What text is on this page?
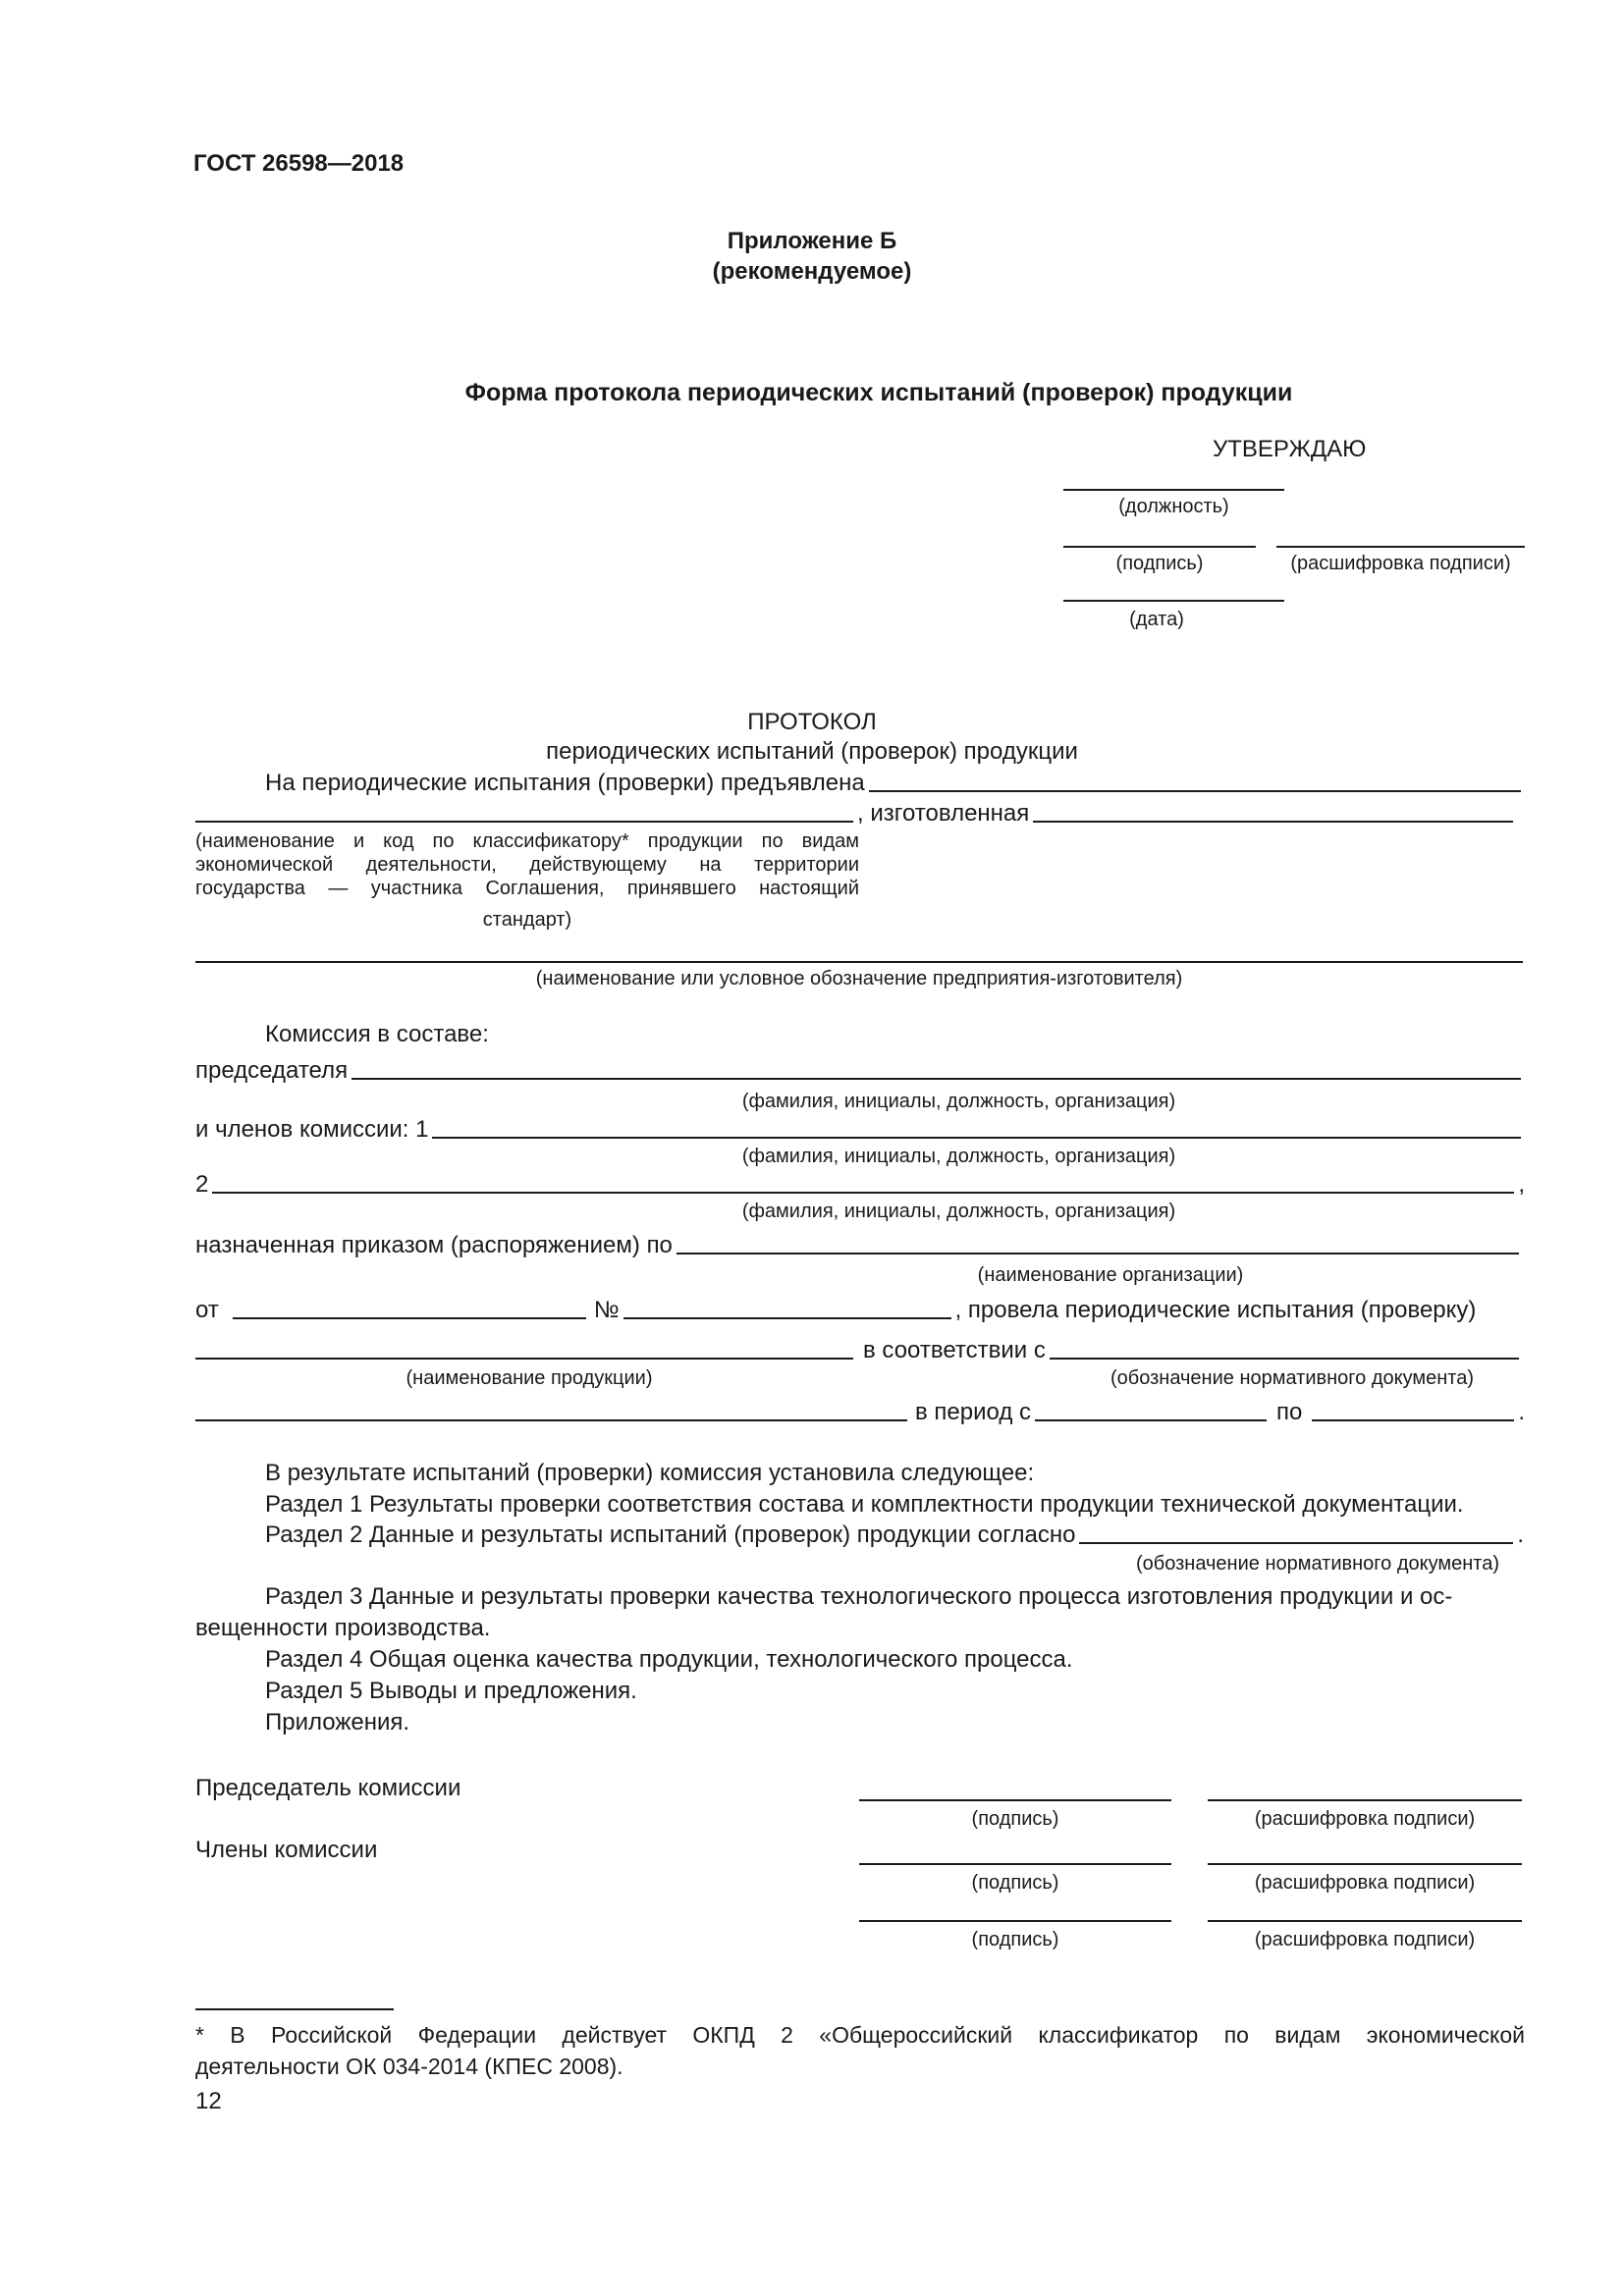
ГОСТ 26598—2018
Приложение Б
(рекомендуемое)
Форма протокола периодических испытаний (проверок) продукции
УТВЕРЖДАЮ
(должность)
(подпись)	(расшифровка подписи)
(дата)
ПРОТОКОЛ
периодических испытаний (проверок) продукции
На периодические испытания (проверки) предъявлена
, изготовленная
(наименование и код по классификатору* продукции по видам
экономической деятельности, действующему на территории
государства — участника Соглашения, принявшего настоящий
стандарт)
(наименование или условное обозначение предприятия-изготовителя)
Комиссия в составе:
председателя
(фамилия, инициалы, должность, организация)
и членов комиссии: 1
(фамилия, инициалы, должность, организация)
2	,
(фамилия, инициалы, должность, организация)
назначенная приказом (распоряжением) по
(наименование организации)
от	№	, провела периодические испытания (проверку)
в соответствии с
(наименование продукции)	(обозначение нормативного документа)
в период с	по	.
В результате испытаний (проверки) комиссия установила следующее:
Раздел 1 Результаты проверки соответствия состава и комплектности продукции технической документации.
Раздел 2 Данные и результаты испытаний (проверок) продукции согласно	.
(обозначение нормативного документа)
Раздел 3 Данные и результаты проверки качества технологического процесса изготовления продукции и ос-
вещенности производства.
Раздел 4 Общая оценка качества продукции, технологического процесса.
Раздел 5 Выводы и предложения.
Приложения.
Председатель комиссии
(подпись)	(расшифровка подписи)
Члены комиссии
(подпись)	(расшифровка подписи)
(подпись)	(расшифровка подписи)
* В Российской Федерации действует ОКПД 2 «Общероссийский классификатор по видам экономической
деятельности ОК 034-2014 (КПЕС 2008).
12
